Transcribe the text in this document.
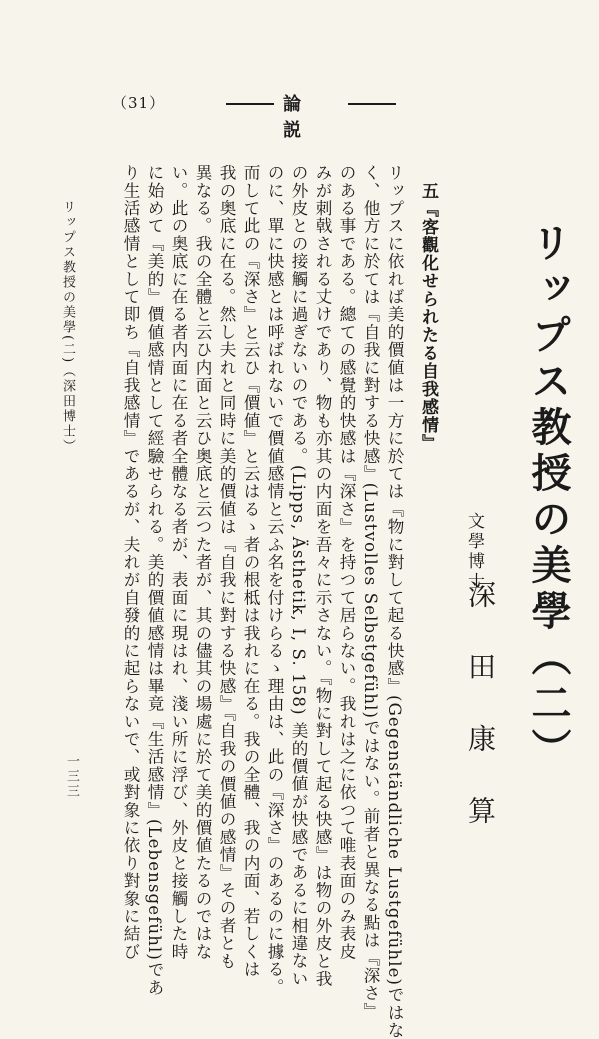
（31）	論説
リップス教授の美學（二）
文學博士
深田康算
五『客觀化せられたる自我感情』
リップスに依れば美的價値は一方に於ては『物に對して起る快感』(Gegenständliche Lustgefühle)ではな
く、他方に於ては『自我に對する快感』(Lustvolles Selbstgefühl)ではない。前者と異なる點は『深さ』
のある事である。總ての感覺的快感は『深さ』を持つて居らない。我れは之に依つて唯表面のみ表皮
みが刺戟される丈けであり、物も亦其の内面を吾々に示さない。『物に對して起る快感』は物の外皮と我
の外皮との接觸に過ぎないのである。(Lipps, Ästhetik, I, S. 158) 美的價値が快感であるに相違ない
のに、單に快感とは呼ばれないで價値感情と云ふ名を付けらるゝ理由は、此の『深さ』のあるのに據る。
而して此の『深さ』と云ひ『價値』と云はるゝ者の根柢は我れに在る。我の全體、我の内面、若しくは
我の奥底に在る。然し夫れと同時に美的價値は『自我に對する快感』『自我の價値の感情』その者とも
異なる。我の全體と云ひ内面と云ひ奥底と云つた者が、其の儘其の場處に於て美的價値たるのではな
い。此の奥底に在る者内面に在る者全體なる者が、表面に現はれ、淺い所に浮び、外皮と接觸した時
に始めて『美的』價値感情として經驗せられる。美的價値感情は畢竟『生活感情』(Lebensgefühl)であ
り生活感情として即ち『自我感情』であるが、夫れが自發的に起らないで、或對象に依り對象に結び
リップス教授の美學(二)（深田博士）
一三三
